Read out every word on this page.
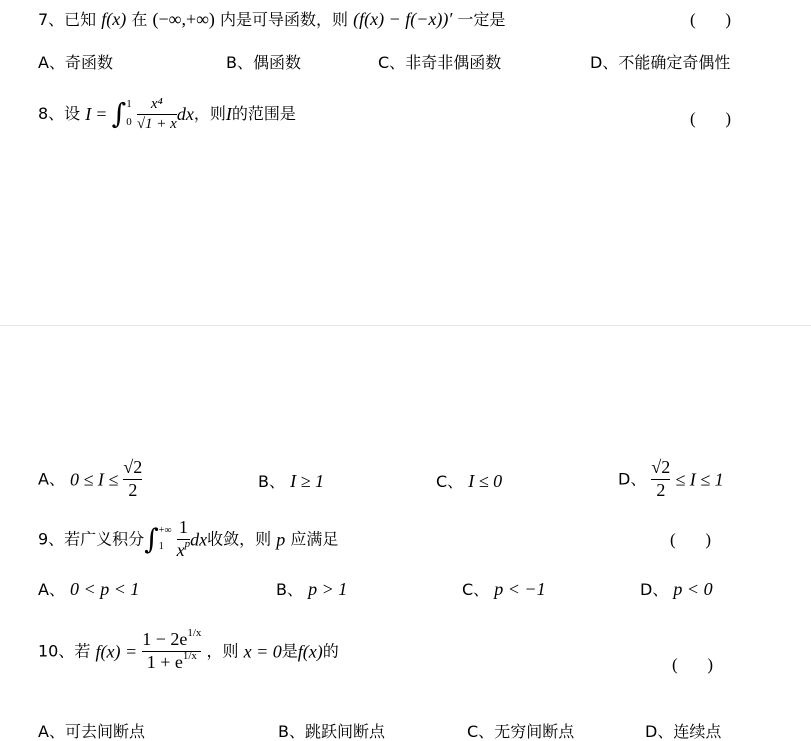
7、已知 f(x) 在 (−∞,+∞) 内是可导函数，则 (f(x) − f(−x))′ 一定是	(       )
A、奇函数	B、偶函数	C、非奇非偶函数	D、不能确定奇偶性
8、设 I = ∫ 1
0
$\frac{\text{x⁴}}{√1 + x}$ dx，则I的范围是	(       )
A、 $0 \le I \le \frac{√2}{2}$	B、 I ≥ 1	C、 I ≤ 0	D、 $\frac{√2}{2} \le I \le 1$
9、若广义积分∫ +∞
1
$\frac{1}{x^p}$ dx收敛，则 p 应满足	(       )
A、 0 < p < 1	B、 p > 1	C、 p < −1	D、 p < 0
10、若 $f(x) = \frac{1 - 2e^{1/x}}{1 + e^{1/x}}$ ，则 x = 0是f(x)的
(       )
A、可去间断点	B、跳跃间断点	C、无穷间断点	D、连续点
